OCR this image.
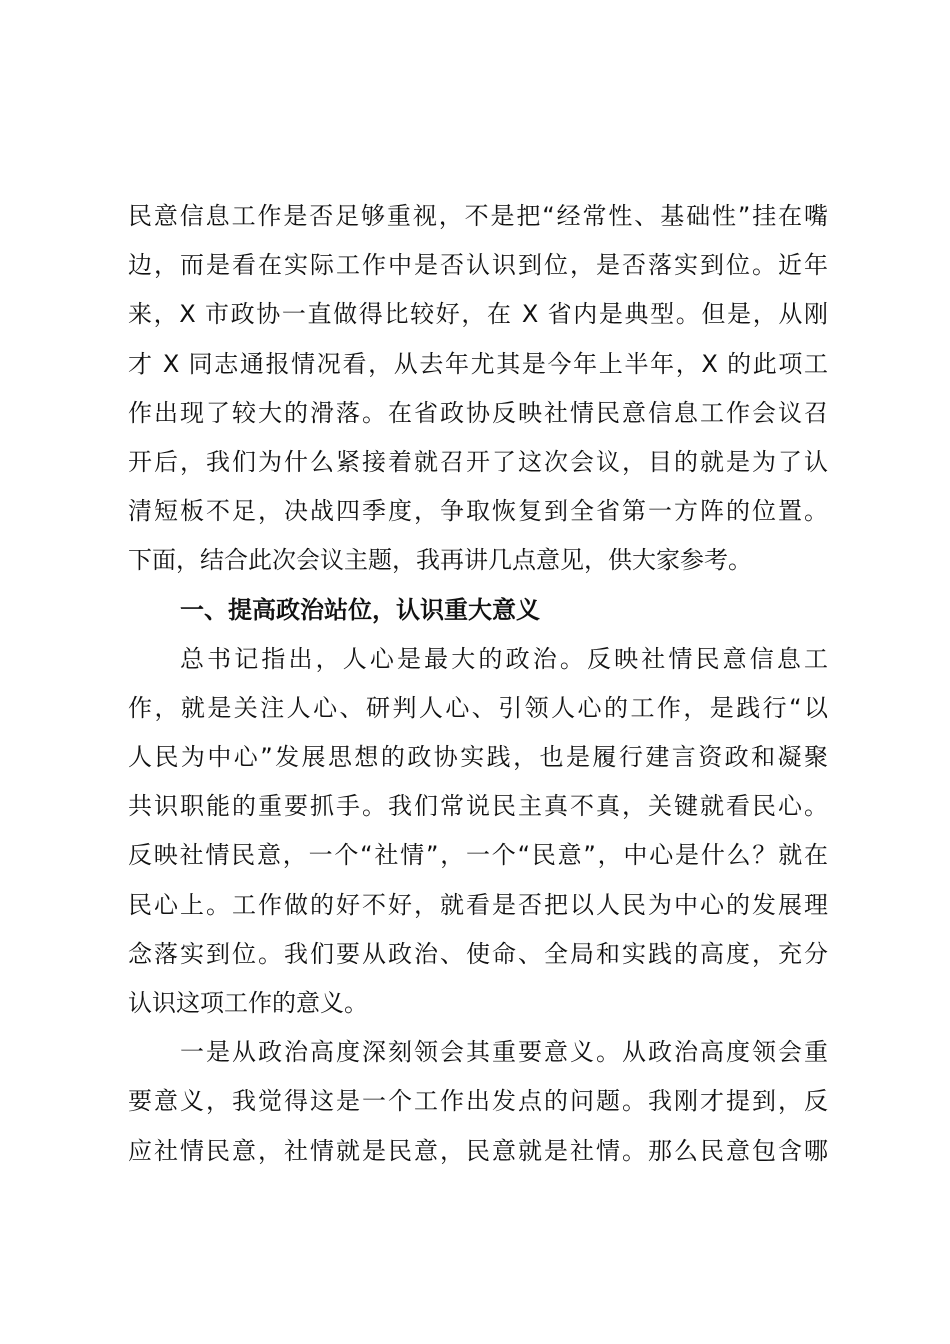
民意信息工作是否足够重视，不是把“经常性、基础性”挂在嘴
边，而是看在实际工作中是否认识到位，是否落实到位。近年
来，X 市政协一直做得比较好，在 X 省内是典型。但是，从刚
才 X 同志通报情况看，从去年尤其是今年上半年，X 的此项工
作出现了较大的滑落。在省政协反映社情民意信息工作会议召
开后，我们为什么紧接着就召开了这次会议，目的就是为了认
清短板不足，决战四季度，争取恢复到全省第一方阵的位置。
下面，结合此次会议主题，我再讲几点意见，供大家参考。
一、提高政治站位，认识重大意义
总书记指出，人心是最大的政治。反映社情民意信息工
作，就是关注人心、研判人心、引领人心的工作，是践行“以
人民为中心”发展思想的政协实践，也是履行建言资政和凝聚
共识职能的重要抓手。我们常说民主真不真，关键就看民心。
反映社情民意，一个“社情”，一个“民意”，中心是什么？就在
民心上。工作做的好不好，就看是否把以人民为中心的发展理
念落实到位。我们要从政治、使命、全局和实践的高度，充分
认识这项工作的意义。
一是从政治高度深刻领会其重要意义。从政治高度领会重
要意义，我觉得这是一个工作出发点的问题。我刚才提到，反
应社情民意，社情就是民意，民意就是社情。那么民意包含哪
